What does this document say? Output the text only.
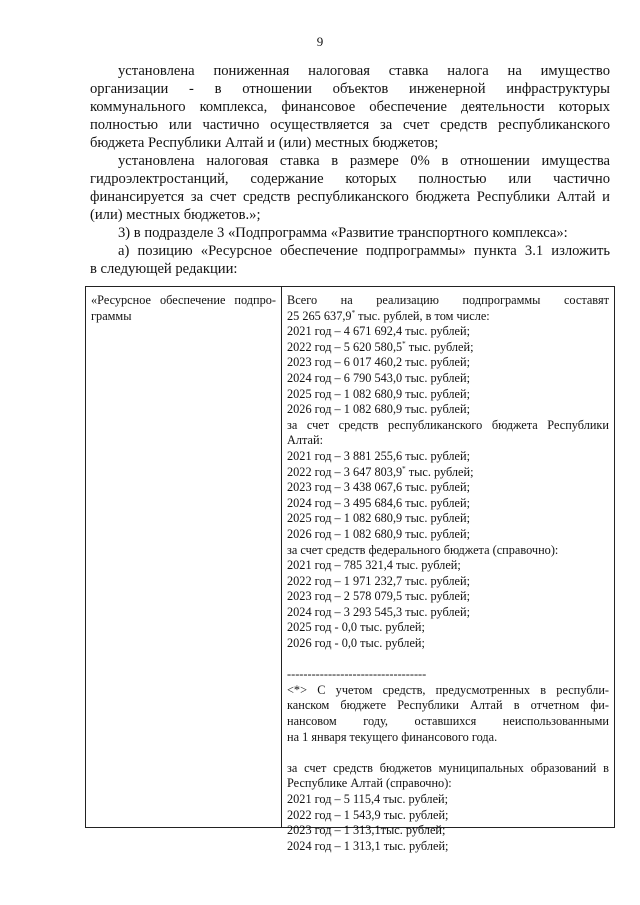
9
установлена пониженная налоговая ставка налога на имущество
организации - в отношении объектов инженерной инфраструктуры
коммунального комплекса, финансовое обеспечение деятельности которых
полностью или частично осуществляется за счет средств республиканского
бюджета Республики Алтай и (или) местных бюджетов;
установлена налоговая ставка в размере 0% в отношении имущества
гидроэлектростанций, содержание которых полностью или частично
финансируется за счет средств республиканского бюджета Республики Алтай и
(или) местных бюджетов.»;
3) в подразделе 3 «Подпрограмма «Развитие транспортного комплекса»:
а) позицию «Ресурсное обеспечение подпрограммы» пункта 3.1 изложить
в следующей редакции:
«Ресурсное обеспечение подпро-
граммы
Всего на реализацию подпрограммы составят
25 265 637,9* тыс. рублей, в том числе:
2021 год – 4 671 692,4 тыс. рублей;
2022 год – 5 620 580,5* тыс. рублей;
2023 год – 6 017 460,2 тыс. рублей;
2024 год – 6 790 543,0 тыс. рублей;
2025 год – 1 082 680,9 тыс. рублей;
2026 год – 1 082 680,9 тыс. рублей;
за счет средств республиканского бюджета Республики
Алтай:
2021 год – 3 881 255,6 тыс. рублей;
2022 год – 3 647 803,9* тыс. рублей;
2023 год – 3 438 067,6 тыс. рублей;
2024 год – 3 495 684,6 тыс. рублей;
2025 год – 1 082 680,9 тыс. рублей;
2026 год – 1 082 680,9 тыс. рублей;
за счет средств федерального бюджета (справочно):
2021 год – 785 321,4 тыс. рублей;
2022 год – 1 971 232,7 тыс. рублей;
2023 год – 2 578 079,5 тыс. рублей;
2024 год – 3 293 545,3 тыс. рублей;
2025 год - 0,0 тыс. рублей;
2026 год - 0,0 тыс. рублей;
----------------------------------
<*> С учетом средств, предусмотренных в республи-
канском бюджете Республики Алтай в отчетном фи-
нансовом году, оставшихся неиспользованными
на 1 января текущего финансового года.
за счет средств бюджетов муниципальных образований в
Республике Алтай (справочно):
2021 год – 5 115,4 тыс. рублей;
2022 год – 1 543,9 тыс. рублей;
2023 год – 1 313,1тыс. рублей;
2024 год – 1 313,1 тыс. рублей;
